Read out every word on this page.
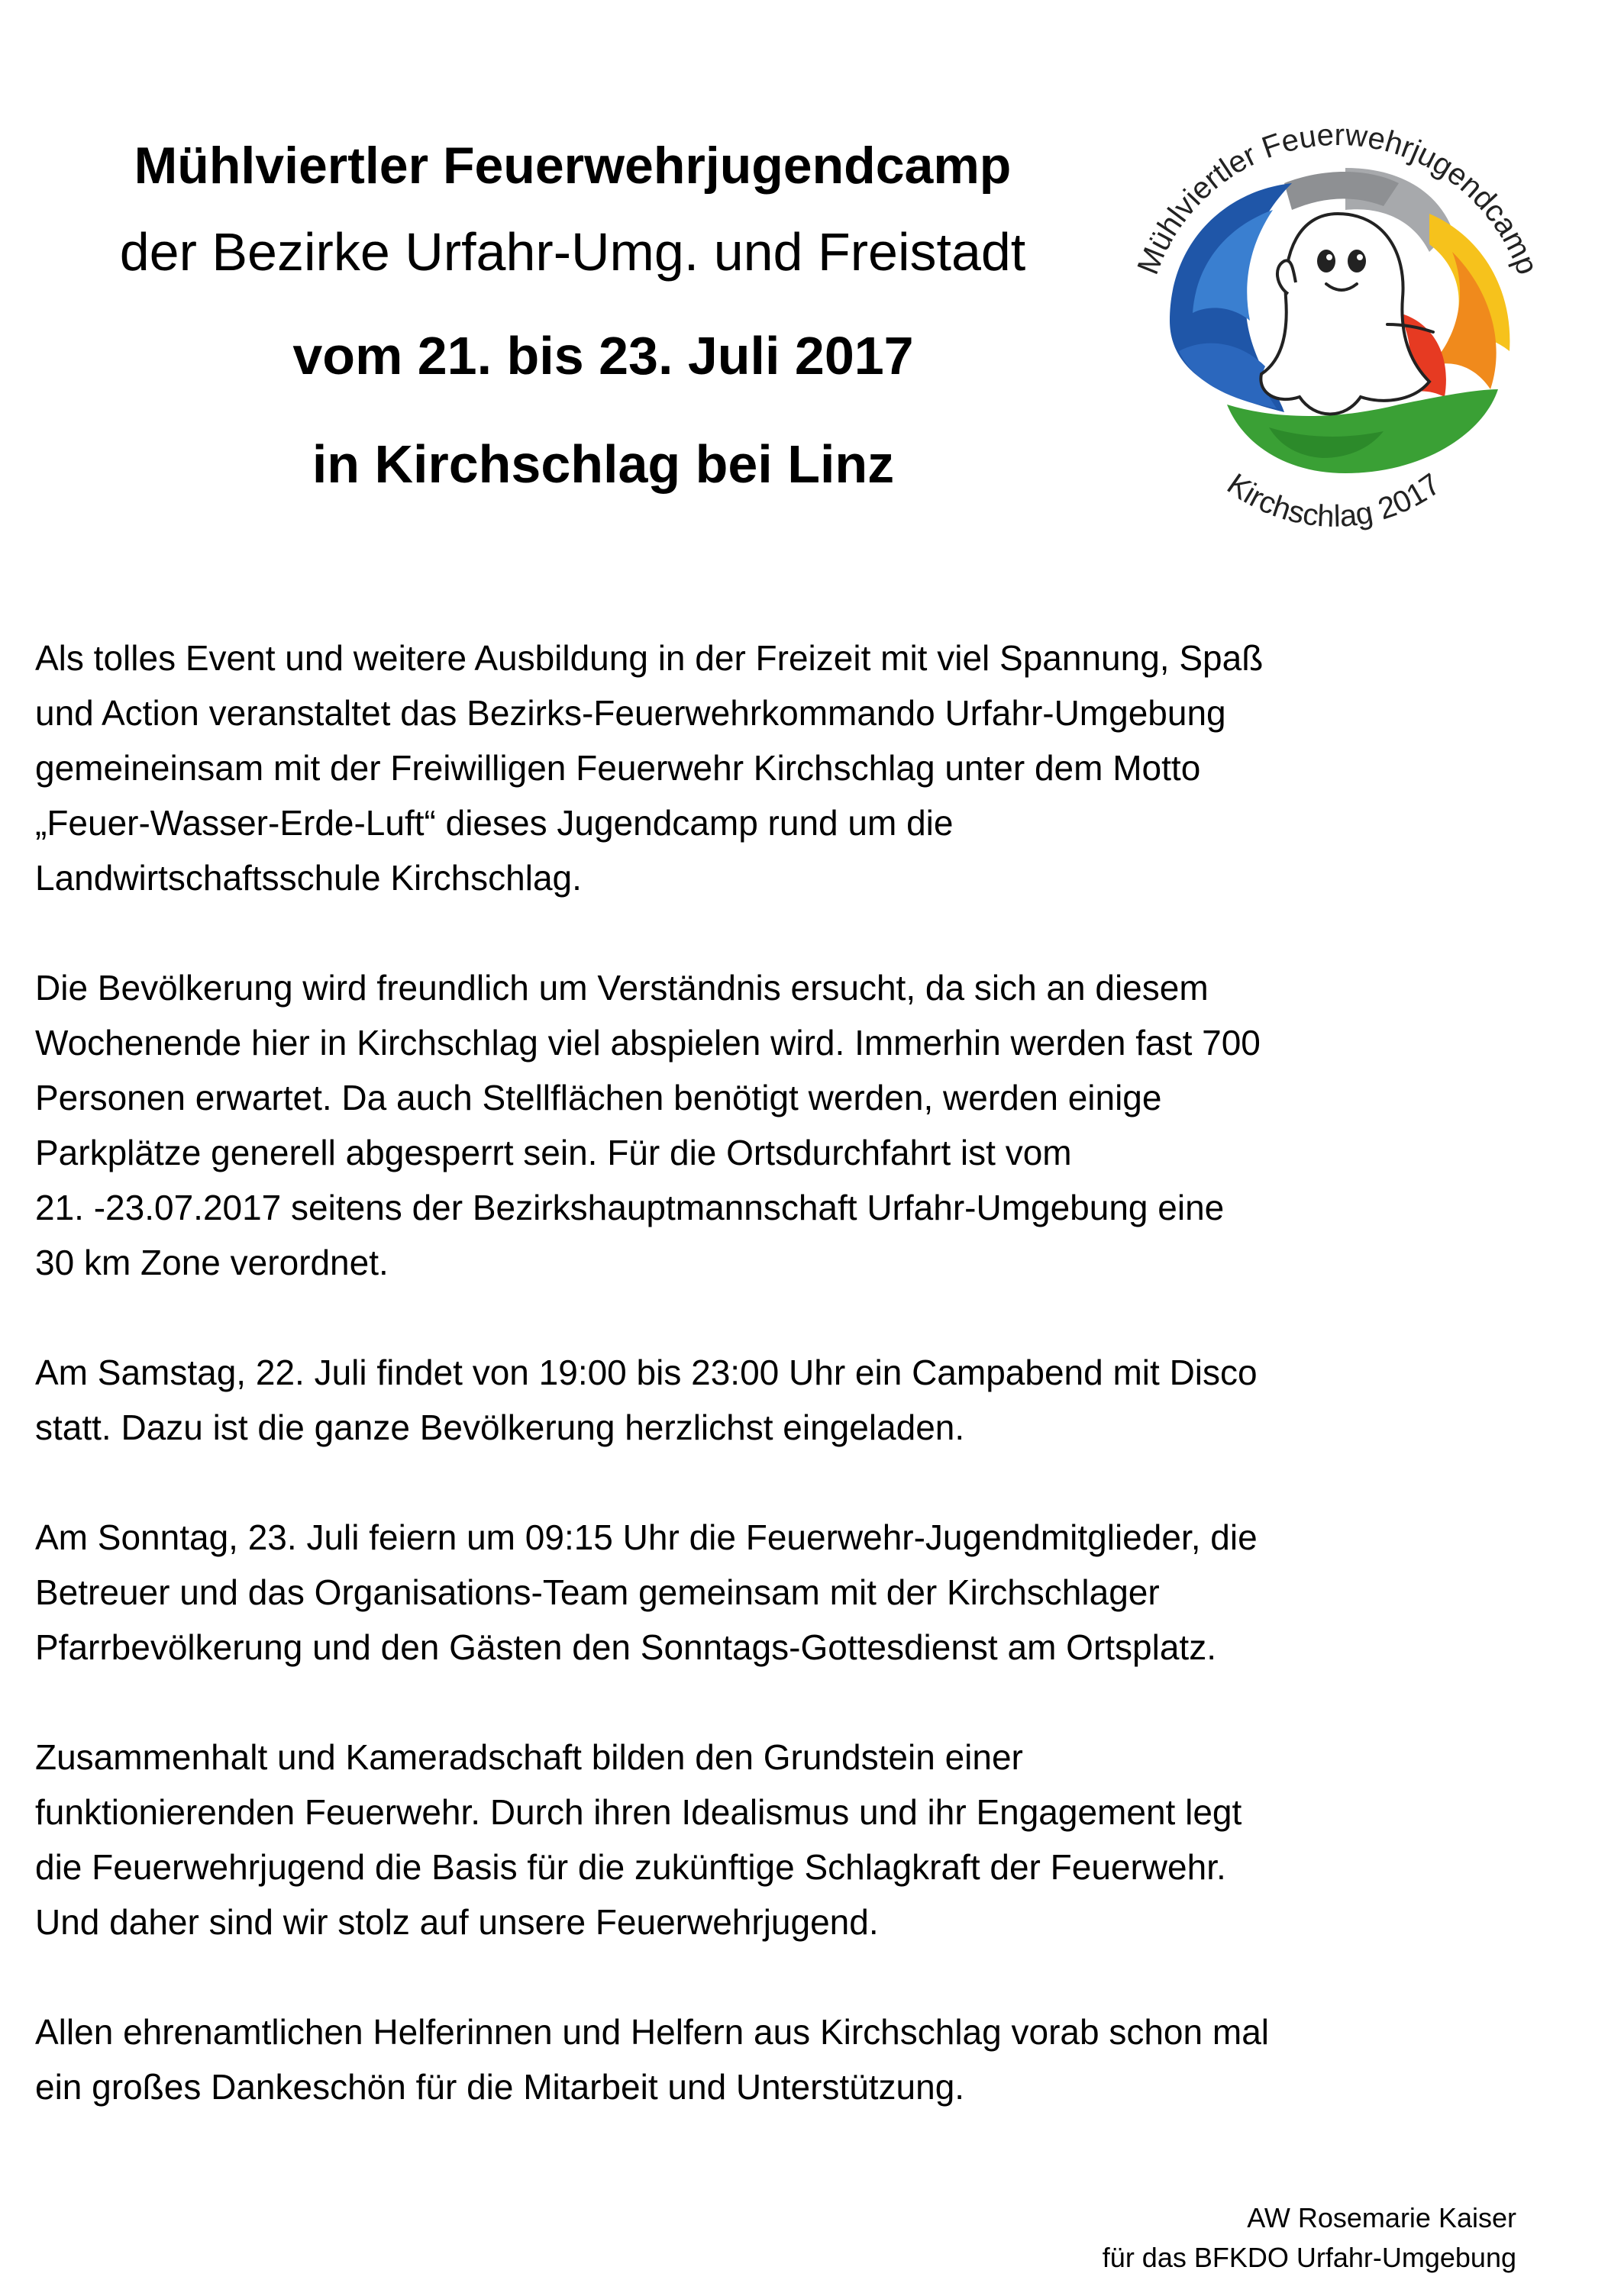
Mühlviertler Feuerwehrjugendcamp
der Bezirke Urfahr-Umg. und Freistadt
vom 21. bis 23. Juli 2017
in Kirchschlag bei Linz
Mühlviertler Feuerwehrjugendcamp
Kirchschlag 2017

Als tolles Event und weitere Ausbildung in der Freizeit mit viel Spannung, Spaß
und Action veranstaltet das Bezirks-Feuerwehrkommando Urfahr-Umgebung
gemeineinsam mit der Freiwilligen Feuerwehr Kirchschlag unter dem Motto
„Feuer-Wasser-Erde-Luft“ dieses Jugendcamp rund um die
Landwirtschaftsschule Kirchschlag.

Die Bevölkerung wird freundlich um Verständnis ersucht, da sich an diesem
Wochenende hier in Kirchschlag viel abspielen wird. Immerhin werden fast 700
Personen erwartet. Da auch Stellflächen benötigt werden, werden einige
Parkplätze generell abgesperrt sein. Für die Ortsdurchfahrt ist vom
21. -23.07.2017 seitens der Bezirkshauptmannschaft Urfahr-Umgebung eine
30 km Zone verordnet.

Am Samstag, 22. Juli findet von 19:00 bis 23:00 Uhr ein Campabend mit Disco
statt. Dazu ist die ganze Bevölkerung herzlichst eingeladen.

Am Sonntag, 23. Juli feiern um 09:15 Uhr die Feuerwehr-Jugendmitglieder, die
Betreuer und das Organisations-Team gemeinsam mit der Kirchschlager
Pfarrbevölkerung und den Gästen den Sonntags-Gottesdienst am Ortsplatz.

Zusammenhalt und Kameradschaft bilden den Grundstein einer
funktionierenden Feuerwehr. Durch ihren Idealismus und ihr Engagement legt
die Feuerwehrjugend die Basis für die zukünftige Schlagkraft der Feuerwehr.
Und daher sind wir stolz auf unsere Feuerwehrjugend.

Allen ehrenamtlichen Helferinnen und Helfern aus Kirchschlag vorab schon mal
ein großes Dankeschön für die Mitarbeit und Unterstützung.

AW Rosemarie Kaiser
für das BFKDO Urfahr-Umgebung
